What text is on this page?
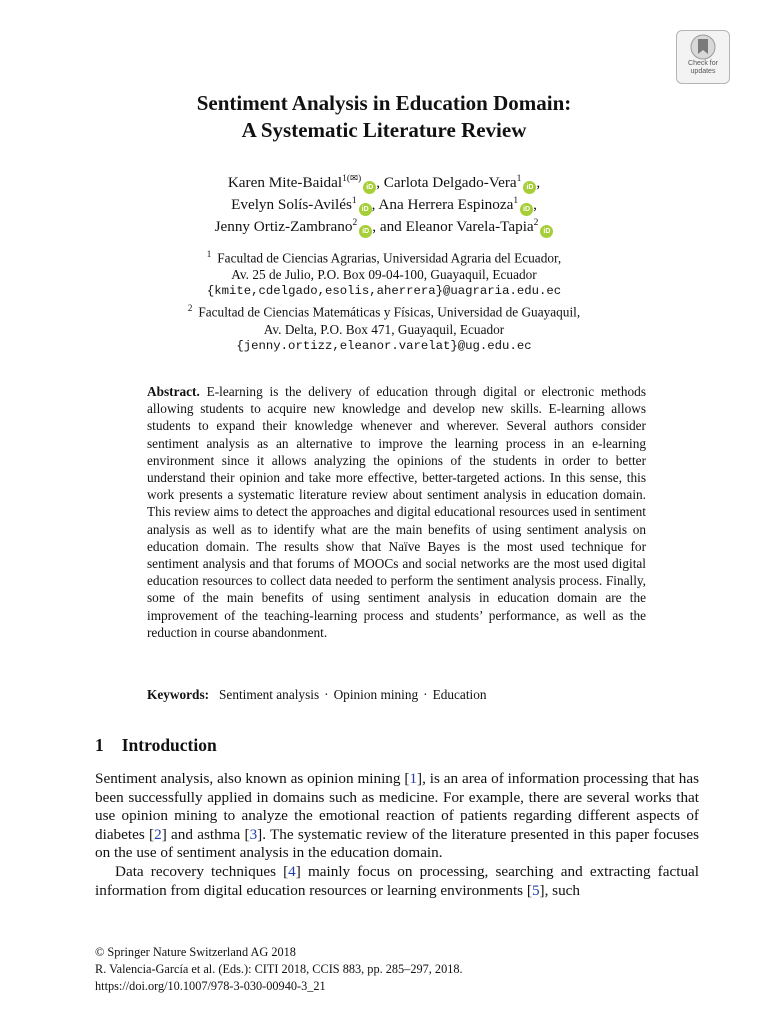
Check for
updates
Sentiment Analysis in Education Domain:
A Systematic Literature Review
Karen Mite-Baidal$^{1(✉)}$iD , Carlota Delgado-Vera$^1$iD ,
Evelyn Solís-Avilés$^1$iD , Ana Herrera Espinoza$^1$iD ,
Jenny Ortiz-Zambrano$^2$iD , and Eleanor Varela-Tapia$^2$iD
$^1$ Facultad de Ciencias Agrarias, Universidad Agraria del Ecuador,
Av. 25 de Julio, P.O. Box 09-04-100, Guayaquil, Ecuador
{kmite,cdelgado,esolis,aherrera}@uagraria.edu.ec
$^2$ Facultad de Ciencias Matemáticas y Físicas, Universidad de Guayaquil,
Av. Delta, P.O. Box 471, Guayaquil, Ecuador
{jenny.ortizz,eleanor.varelat}@ug.edu.ec
Abstract. E-learning is the delivery of education through digital or electronic methods allowing students to acquire new knowledge and develop new skills. E-learning allows students to expand their knowledge whenever and wherever. Several authors consider sentiment analysis as an alternative to improve the learning process in an e-learning environment since it allows analyzing the opinions of the students in order to better understand their opinion and take more effective, better-targeted actions. In this sense, this work presents a systematic literature review about sentiment analysis in education domain. This review aims to detect the approaches and digital educational resources used in sentiment analysis as well as to identify what are the main benefits of using sentiment analysis on education domain. The results show that Naïve Bayes is the most used technique for sentiment analysis and that forums of MOOCs and social networks are the most used digital education resources to collect data needed to perform the sentiment analysis process. Finally, some of the main benefits of using sentiment analysis in education domain are the improvement of the teaching-learning process and students’ performance, as well as the reduction in course abandonment.
Keywords: Sentiment analysis · Opinion mining · Education
1 Introduction

Sentiment analysis, also known as opinion mining [1], is an area of information processing that has been successfully applied in domains such as medicine. For example, there are several works that use opinion mining to analyze the emotional reaction of patients regarding different aspects of diabetes [2] and asthma [3]. The systematic review of the literature presented in this paper focuses on the use of sentiment analysis in the education domain.

Data recovery techniques [4] mainly focus on processing, searching and extracting factual information from digital education resources or learning environments [5], such

© Springer Nature Switzerland AG 2018
R. Valencia-García et al. (Eds.): CITI 2018, CCIS 883, pp. 285–297, 2018.
https://doi.org/10.1007/978-3-030-00940-3_21
